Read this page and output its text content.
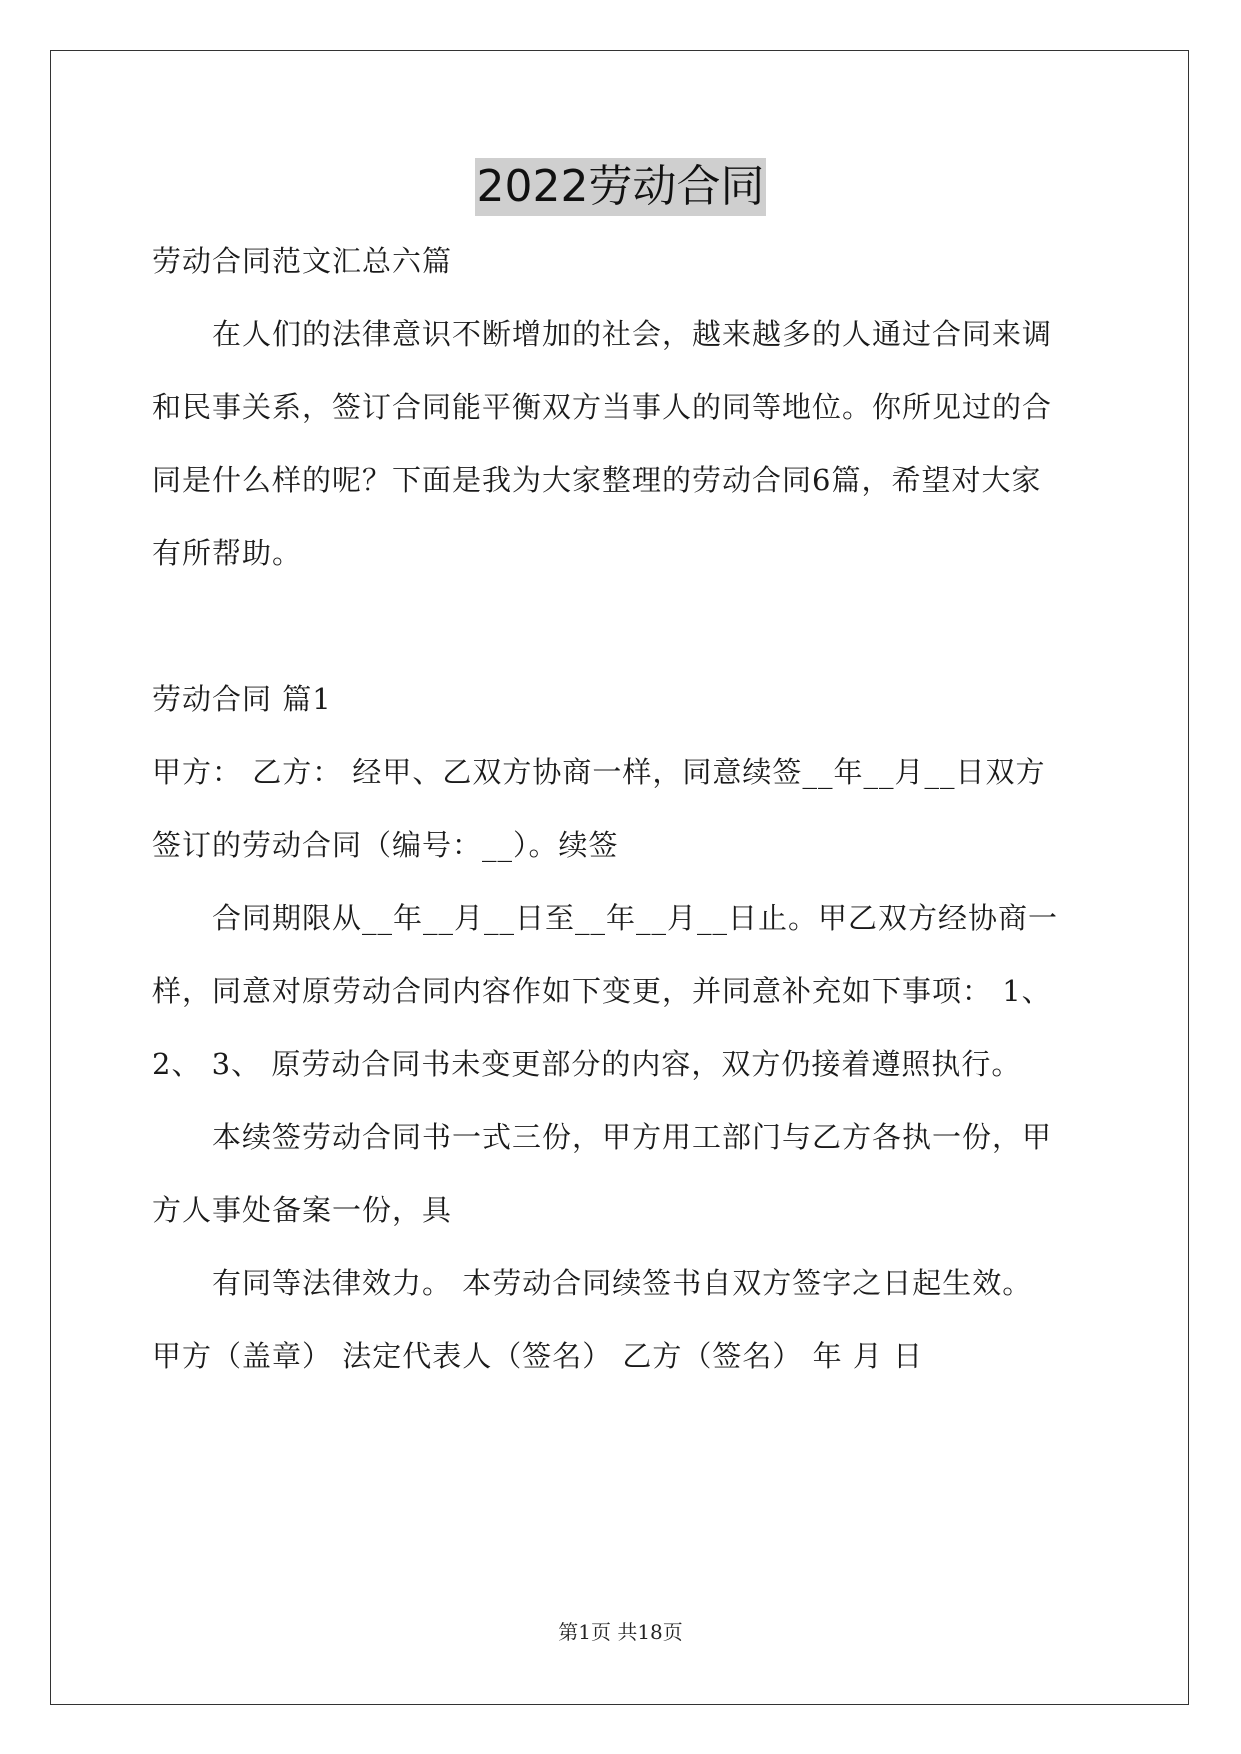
2022劳动合同
劳动合同范文汇总六篇
在人们的法律意识不断增加的社会，越来越多的人通过合同来调
和民事关系，签订合同能平衡双方当事人的同等地位。你所见过的合
同是什么样的呢？下面是我为大家整理的劳动合同6篇，希望对大家
有所帮助。
劳动合同 篇1
甲方： 乙方： 经甲、乙双方协商一样，同意续签__年__月__日双方
签订的劳动合同（编号：__）。续签
合同期限从__年__月__日至__年__月__日止。甲乙双方经协商一
样，同意对原劳动合同内容作如下变更，并同意补充如下事项： 1、
2、 3、 原劳动合同书未变更部分的内容，双方仍接着遵照执行。
本续签劳动合同书一式三份，甲方用工部门与乙方各执一份，甲
方人事处备案一份，具
有同等法律效力。 本劳动合同续签书自双方签字之日起生效。
甲方（盖章） 法定代表人（签名） 乙方（签名） 年 月 日
第1页 共18页
